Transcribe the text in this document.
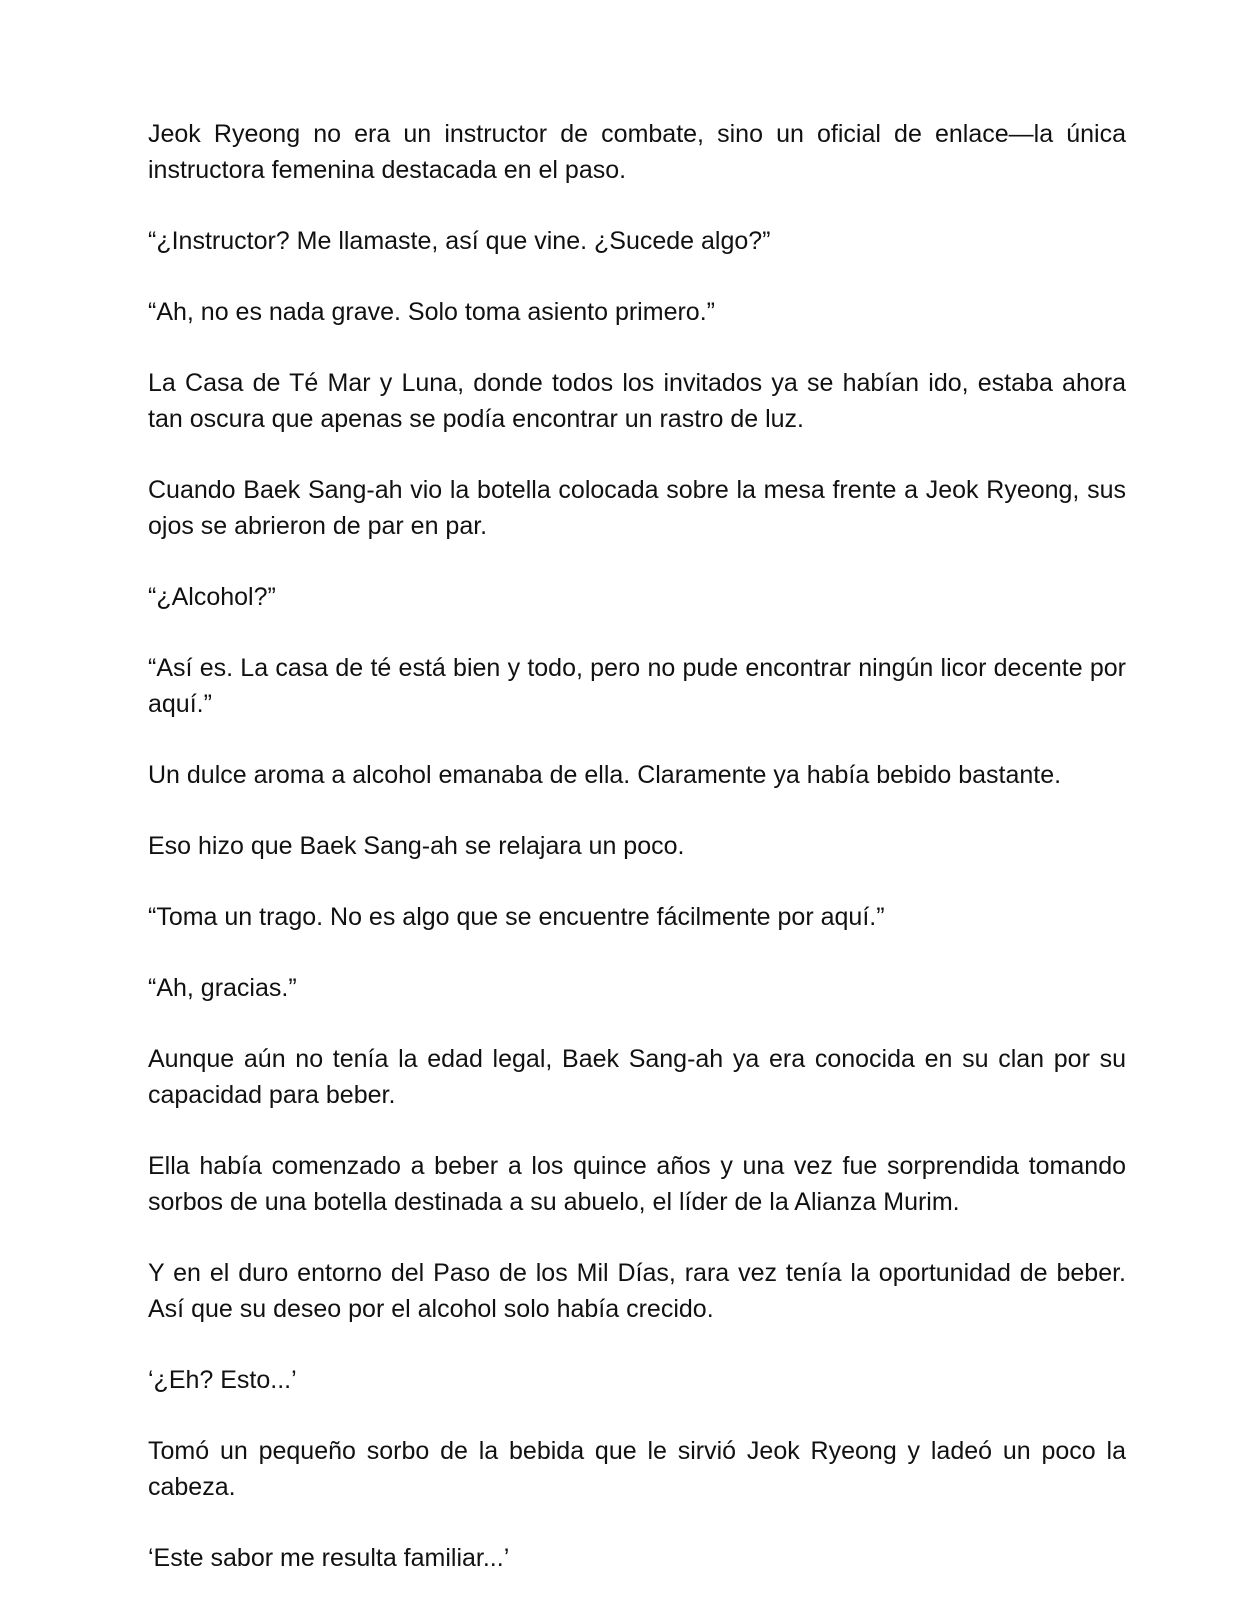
Jeok Ryeong no era un instructor de combate, sino un oficial de enlace—la única instructora femenina destacada en el paso.

“¿Instructor? Me llamaste, así que vine. ¿Sucede algo?”

“Ah, no es nada grave. Solo toma asiento primero.”

La Casa de Té Mar y Luna, donde todos los invitados ya se habían ido, estaba ahora tan oscura que apenas se podía encontrar un rastro de luz.

Cuando Baek Sang-ah vio la botella colocada sobre la mesa frente a Jeok Ryeong, sus ojos se abrieron de par en par.

“¿Alcohol?”

“Así es. La casa de té está bien y todo, pero no pude encontrar ningún licor decente por aquí.”

Un dulce aroma a alcohol emanaba de ella. Claramente ya había bebido bastante.

Eso hizo que Baek Sang-ah se relajara un poco.

“Toma un trago. No es algo que se encuentre fácilmente por aquí.”

“Ah, gracias.”

Aunque aún no tenía la edad legal, Baek Sang-ah ya era conocida en su clan por su capacidad para beber.

Ella había comenzado a beber a los quince años y una vez fue sorprendida tomando sorbos de una botella destinada a su abuelo, el líder de la Alianza Murim.

Y en el duro entorno del Paso de los Mil Días, rara vez tenía la oportunidad de beber. Así que su deseo por el alcohol solo había crecido.

‘¿Eh? Esto...’

Tomó un pequeño sorbo de la bebida que le sirvió Jeok Ryeong y ladeó un poco la cabeza.

‘Este sabor me resulta familiar...’
